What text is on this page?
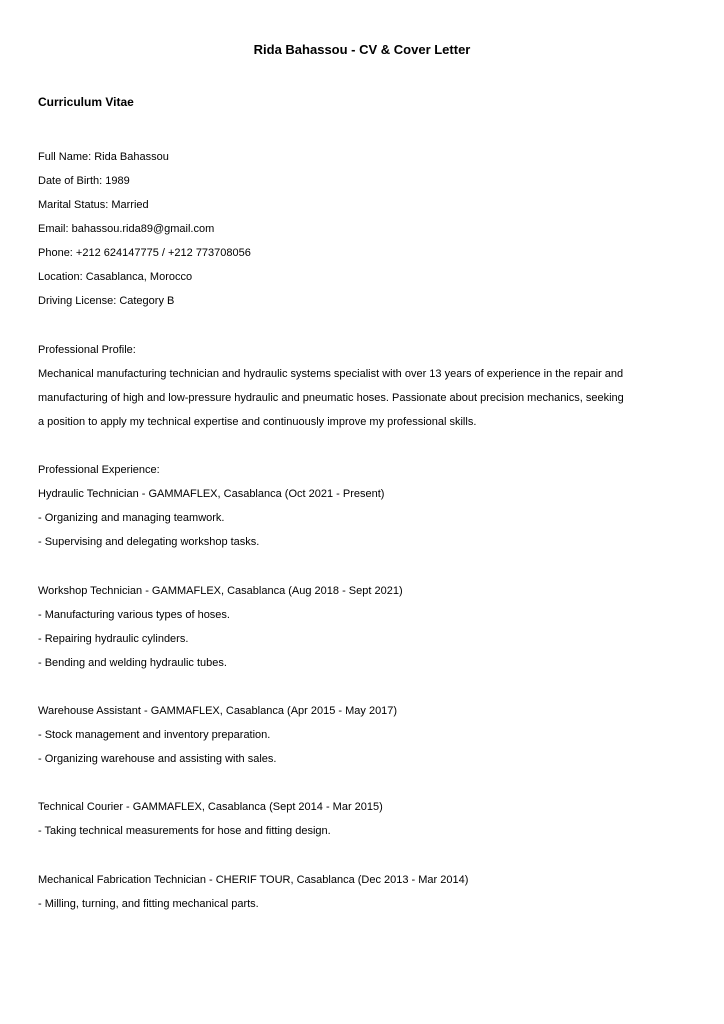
Rida Bahassou - CV & Cover Letter
Curriculum Vitae
Full Name: Rida Bahassou
Date of Birth: 1989
Marital Status: Married
Email: bahassou.rida89@gmail.com
Phone: +212 624147775 / +212 773708056
Location: Casablanca, Morocco
Driving License: Category B
Professional Profile:
Mechanical manufacturing technician and hydraulic systems specialist with over 13 years of experience in the repair and
manufacturing of high and low-pressure hydraulic and pneumatic hoses. Passionate about precision mechanics, seeking
a position to apply my technical expertise and continuously improve my professional skills.
Professional Experience:
Hydraulic Technician - GAMMAFLEX, Casablanca (Oct 2021 - Present)
- Organizing and managing teamwork.
- Supervising and delegating workshop tasks.
Workshop Technician - GAMMAFLEX, Casablanca (Aug 2018 - Sept 2021)
- Manufacturing various types of hoses.
- Repairing hydraulic cylinders.
- Bending and welding hydraulic tubes.
Warehouse Assistant - GAMMAFLEX, Casablanca (Apr 2015 - May 2017)
- Stock management and inventory preparation.
- Organizing warehouse and assisting with sales.
Technical Courier - GAMMAFLEX, Casablanca (Sept 2014 - Mar 2015)
- Taking technical measurements for hose and fitting design.
Mechanical Fabrication Technician - CHERIF TOUR, Casablanca (Dec 2013 - Mar 2014)
- Milling, turning, and fitting mechanical parts.
